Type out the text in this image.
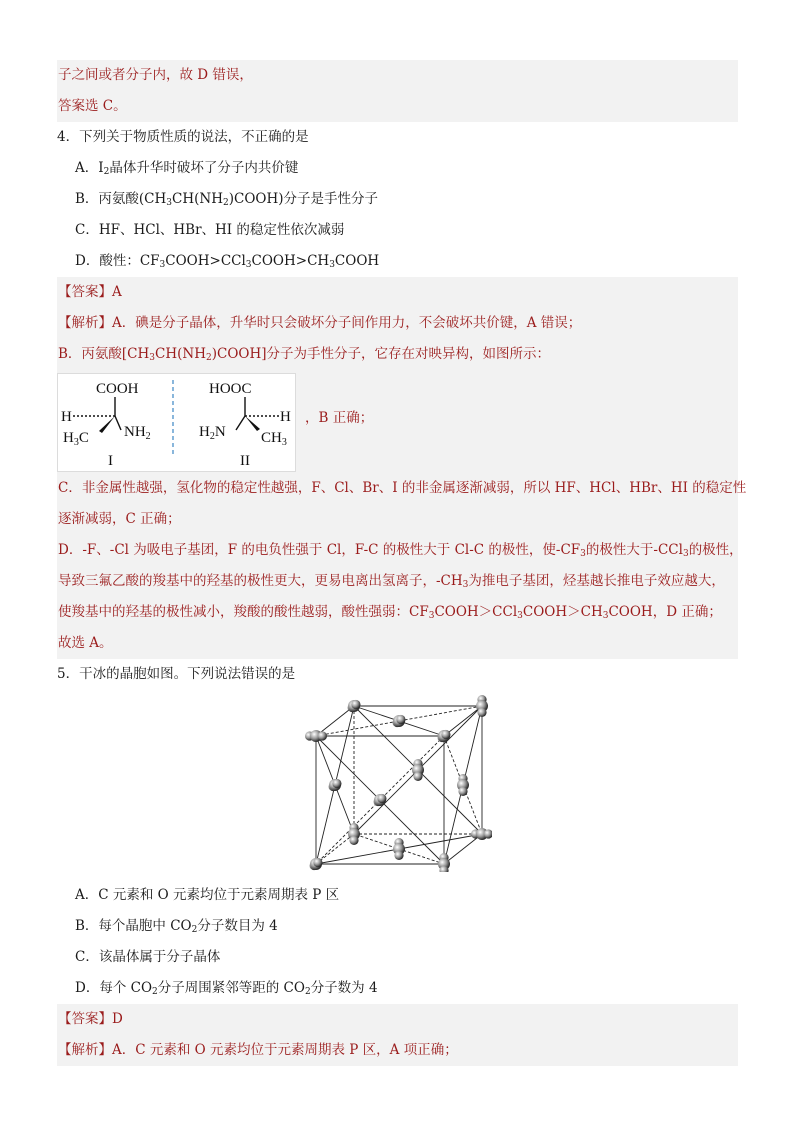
子之间或者分子内，故 D 错误，
答案选 C。
4．下列关于物质性质的说法，不正确的是
A．$I_2$晶体升华时破坏了分子内共价键
B．丙氨酸$(CH_3CH(NH_2)COOH)$分子是手性分子
C．HF、HCl、HBr、HI 的稳定性依次减弱
D．酸性：$CF_3COOH>CCl_3COOH>CH_3COOH$
【答案】A
【解析】A．碘是分子晶体，升华时只会破坏分子间作用力，不会破坏共价键，A 错误；
B．丙氨酸$[CH_3CH(NH_2)COOH]$分子为手性分子，它存在对映异构，如图所示：
COOH
$NH_2$
$H_3C$
H
I
HOOC
$H_2N$ $CH_3$
H
II
，B 正确；
C．非金属性越强，氢化物的稳定性越强，F、Cl、Br、I 的非金属逐渐减弱，所以 HF、HCl、HBr、HI 的稳定性
逐渐减弱，C 正确；
D．-F、-Cl 为吸电子基团，F 的电负性强于 Cl，F-C 的极性大于 Cl-C 的极性，使$-CF_3$的极性大于-CCl$_3$的极性，
导致三氟乙酸的羧基中的羟基的极性更大，更易电离出氢离子，$-CH_3$为推电子基团，烃基越长推电子效应越大，
使羧基中的羟基的极性减小，羧酸的酸性越弱，酸性强弱：$CF_3COOH>CCl_3COOH>CH_3COOH$，D 正确；
故选 A。
5．干冰的晶胞如图。下列说法错误的是
A．C 元素和 O 元素均位于元素周期表 P 区
B．每个晶胞中 $CO_2$分子数目为 4
C．该晶体属于分子晶体
D．每个 $CO_2$分子周围紧邻等距的 $CO_2$分子数为 4
【答案】D
【解析】A．C 元素和 O 元素均位于元素周期表 P 区，A 项正确；
